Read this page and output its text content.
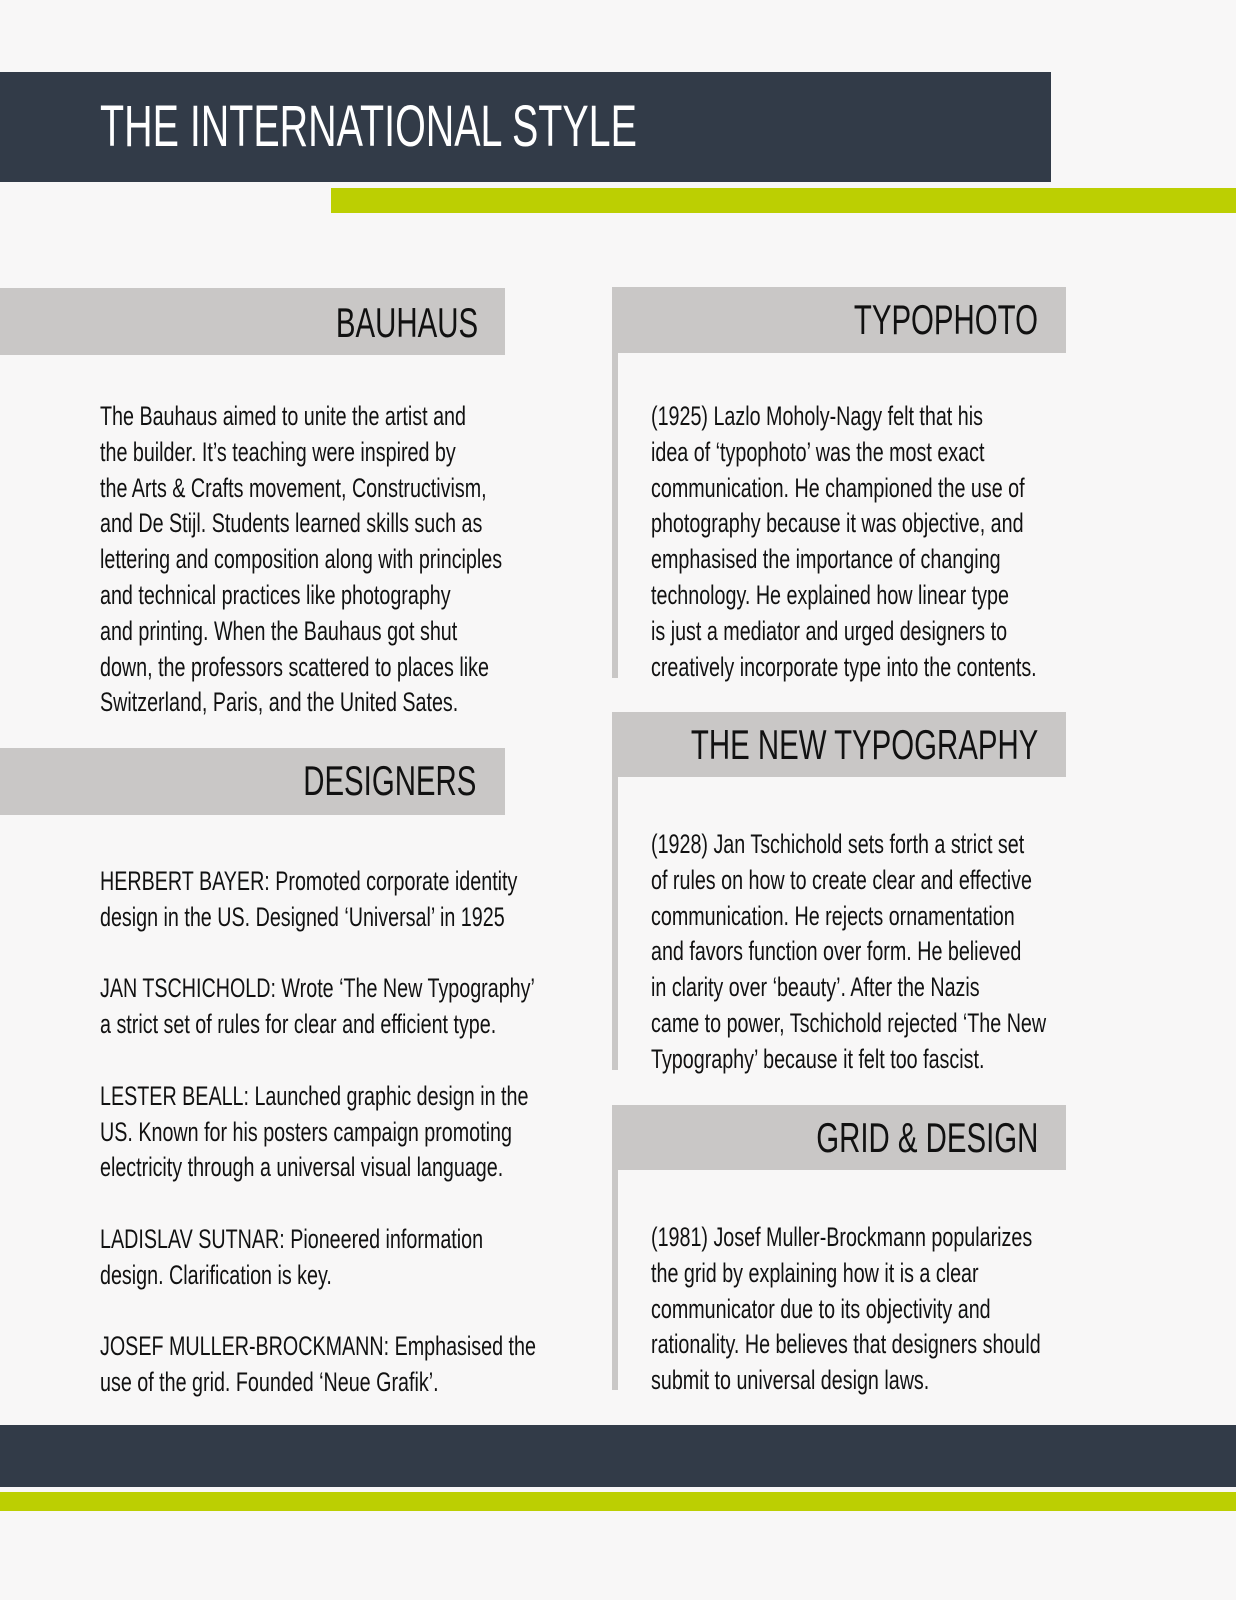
THE INTERNATIONAL STYLE
BAUHAUS
The Bauhaus aimed to unite the artist and
the builder. It’s teaching were inspired by
the Arts & Crafts movement, Constructivism,
and De Stijl. Students learned skills such as
lettering and composition along with principles
and technical practices like photography
and printing. When the Bauhaus got shut
down, the professors scattered to places like
Switzerland, Paris, and the United Sates.
DESIGNERS
HERBERT BAYER: Promoted corporate identity
design in the US. Designed ‘Universal’ in 1925
JAN TSCHICHOLD: Wrote ‘The New Typography’
a strict set of rules for clear and efficient type.
LESTER BEALL: Launched graphic design in the
US. Known for his posters campaign promoting
electricity through a universal visual language.
LADISLAV SUTNAR: Pioneered information
design. Clarification is key.
JOSEF MULLER-BROCKMANN: Emphasised the
use of the grid. Founded ‘Neue Grafik’.
TYPOPHOTO
(1925) Lazlo Moholy-Nagy felt that his
idea of ‘typophoto’ was the most exact
communication. He championed the use of
photography because it was objective, and
emphasised the importance of changing
technology. He explained how linear type
is just a mediator and urged designers to
creatively incorporate type into the contents.
THE NEW TYPOGRAPHY
(1928) Jan Tschichold sets forth a strict set
of rules on how to create clear and effective
communication. He rejects ornamentation
and favors function over form. He believed
in clarity over ‘beauty’. After the Nazis
came to power, Tschichold rejected ‘The New
Typography’ because it felt too fascist.
GRID & DESIGN
(1981) Josef Muller-Brockmann popularizes
the grid by explaining how it is a clear
communicator due to its objectivity and
rationality. He believes that designers should
submit to universal design laws.
